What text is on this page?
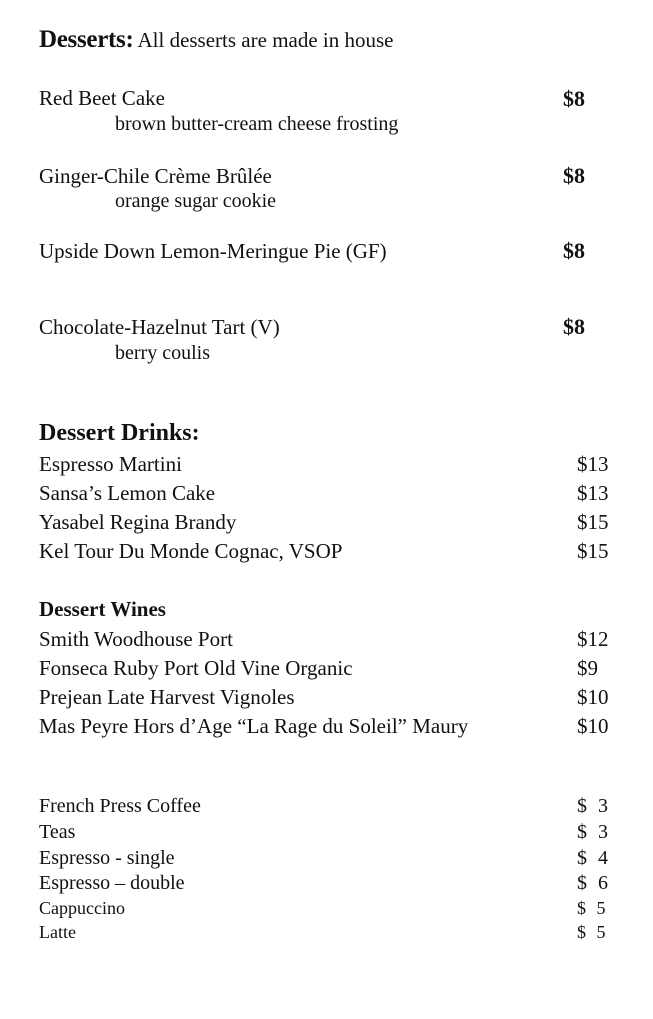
Desserts: All desserts are made in house
Red Beet Cake	$8
brown butter-cream cheese frosting
Ginger-Chile Crème Brûlée	$8
orange sugar cookie
Upside Down Lemon-Meringue Pie (GF)	$8
Chocolate-Hazelnut Tart (V)	$8
berry coulis
Dessert Drinks:
Espresso Martini	$13
Sansa’s Lemon Cake	$13
Yasabel Regina Brandy	$15
Kel Tour Du Monde Cognac, VSOP	$15
Dessert Wines
Smith Woodhouse Port	$12
Fonseca Ruby Port Old Vine Organic	$9
Prejean Late Harvest Vignoles	$10
Mas Peyre Hors d’Age “La Rage du Soleil” Maury	$10
French Press Coffee	$ 3
Teas	$ 3
Espresso - single	$ 4
Espresso – double	$ 6
Cappuccino	$ 5
Latte	$ 5
